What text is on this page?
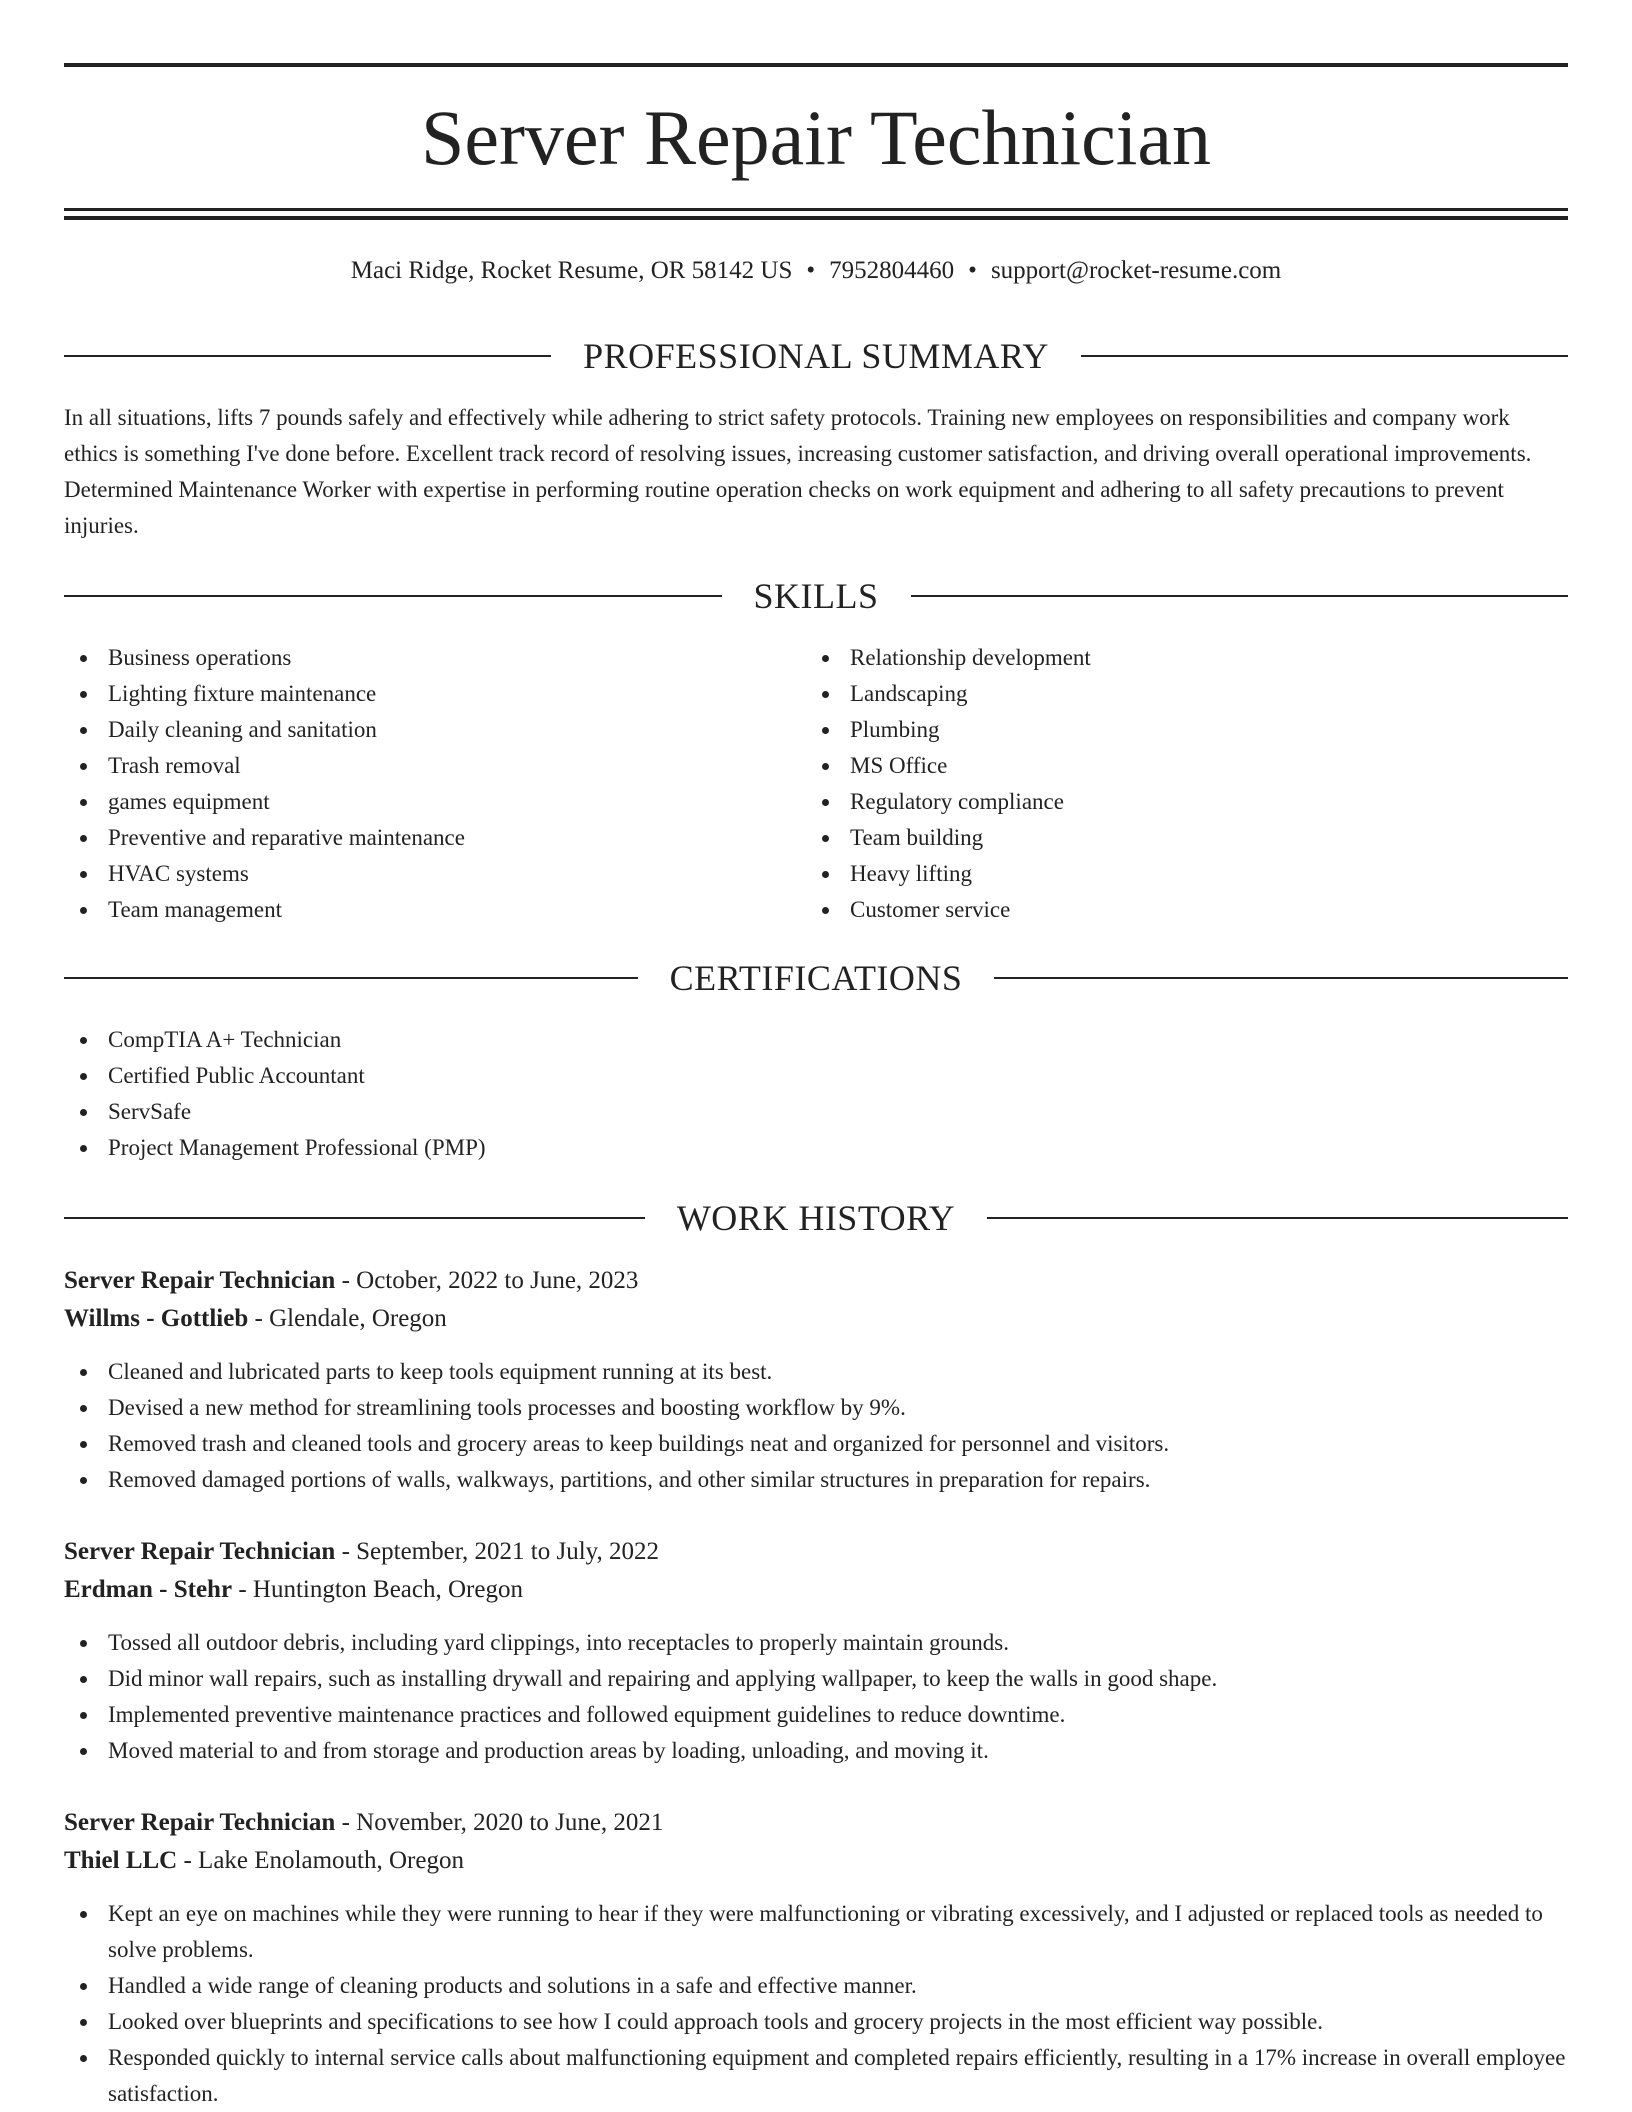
Server Repair Technician
Maci Ridge, Rocket Resume, OR 58142 US • 7952804460 • support@rocket-resume.com
PROFESSIONAL SUMMARY

In all situations, lifts 7 pounds safely and effectively while adhering to strict safety protocols. Training new employees on responsibilities and company work ethics is something I've done before. Excellent track record of resolving issues, increasing customer satisfaction, and driving overall operational improvements. Determined Maintenance Worker with expertise in performing routine operation checks on work equipment and adhering to all safety precautions to prevent injuries.

SKILLS
Business operations
Lighting fixture maintenance
Daily cleaning and sanitation
Trash removal
games equipment
Preventive and reparative maintenance
HVAC systems
Team management
Relationship development
Landscaping
Plumbing
MS Office
Regulatory compliance
Team building
Heavy lifting
Customer service
CERTIFICATIONS
CompTIA A+ Technician
Certified Public Accountant
ServSafe
Project Management Professional (PMP)
WORK HISTORY
Server Repair Technician - October, 2022 to June, 2023
Willms - Gottlieb - Glendale, Oregon
Cleaned and lubricated parts to keep tools equipment running at its best.
Devised a new method for streamlining tools processes and boosting workflow by 9%.
Removed trash and cleaned tools and grocery areas to keep buildings neat and organized for personnel and visitors.
Removed damaged portions of walls, walkways, partitions, and other similar structures in preparation for repairs.
Server Repair Technician - September, 2021 to July, 2022
Erdman - Stehr - Huntington Beach, Oregon
Tossed all outdoor debris, including yard clippings, into receptacles to properly maintain grounds.
Did minor wall repairs, such as installing drywall and repairing and applying wallpaper, to keep the walls in good shape.
Implemented preventive maintenance practices and followed equipment guidelines to reduce downtime.
Moved material to and from storage and production areas by loading, unloading, and moving it.
Server Repair Technician - November, 2020 to June, 2021
Thiel LLC - Lake Enolamouth, Oregon
Kept an eye on machines while they were running to hear if they were malfunctioning or vibrating excessively, and I adjusted or replaced tools as needed to solve problems.
Handled a wide range of cleaning products and solutions in a safe and effective manner.
Looked over blueprints and specifications to see how I could approach tools and grocery projects in the most efficient way possible.
Responded quickly to internal service calls about malfunctioning equipment and completed repairs efficiently, resulting in a 17% increase in overall employee satisfaction.
